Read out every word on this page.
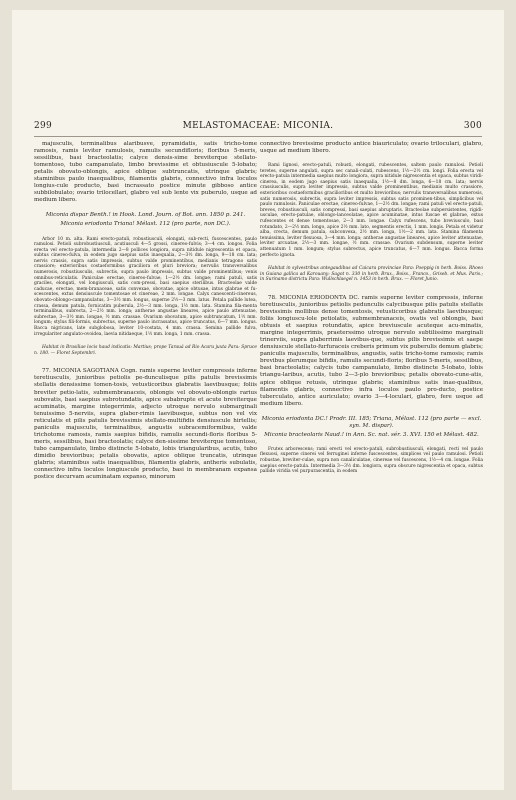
299	MELASTOMACEAE: MICONIA.	300

majusculis, terminalibus alaribusve, pyramidatis, satis tricho-tome ramosis, ramis leviter ramulosis, ramulis secundifloris; floribus 5-meris, sessilibus, basi bracteolatis; calyce densis-sime breviterque stellato-tomentoso, tubo campanulato, limbo brevissime et obtusiuscule 5-lobato; petalis obovato-oblongis, apice oblique subtruncatis, utrinque glabris; staminibus paulo inaequalibus, filamentis glabris, connectivo infra loculos longius-cule producto, basi incrassato postice minute gibboso antice subbilobulato; ovario trilocellari, glabro vel sub lente vix puberulo, usque ad medium libero.

Miconia dispar Benth.! in Hook. Lond. Journ. of Bot. ann. 1850 p. 241.

Miconia eriodonta Triana! Mélast. 112 (pro parte, non DC.).

Arbor 10 m. alta. Rami erecto-patuli, robustiusculi, elongati, sub-recti, fuscescentes, paulo ramulosi. Petioli subrobustiusculi, acutiusculi 4—5 grossi, cinereo-fulvis; 3—4 cm. longos. Folia erecta vel erecto-patula, intermedia 2—8 pollices longiora, supra nitidule nigrescentia et opaca, subtus cinereo-fulva, in eodem jugo saepius satis inaequalia, 2—3½ dm. longa, 9—18 cm. lata; nervis crassis, supra satis impressis, subtus valde prominentibus, medianis tetragono satis crassiore; exterioribus costaeformibus graciliora et pluri breviora; nervulis transversalibus numerosis, robustiusculis, subrectis, supra paulo impressis, subtus valde prominentibus; venis omnibus-reticulatis. Paniculae erectae, cinereo-fulvae, 1—2½ dm. longae; rami patuli, satis graciles, elongati, vel longiusculi, satis com-pressi, basi saepius sterilibus. Bracteolae valde caducae, erectae, mem-branaceae, satis convexae, obovatae, apice obtusae, intus glabrae et fu-scescentes, extus densiuscule tomentosae et cinereae, 2 mm. longae. Calyx canescenti-cinereus, obovato-oblongo-campanulatus, 3—3½ mm. longus, superne 2½—3 mm. latus. Petala pallide lutea, crassa, demum patula, fornicatim puberula, 2½—3 mm. longa, 1½ mm. lata. Stamina fila-menta terminalibus, subrecta, 2—2½ mm. longa; antherae angustae lineares, apice paulo attenuatae, subrectae, 3—3½ mm. longae, ½ mm. crassae. Ovarium obovatum, apice subtruncatum, 1½ mm. longum; stylus fili-formis, subrectus, superne paulo incrassatus, apice truncatus, 6—7 mm. longus. Bacca nigricans, late subglobosa, leviter 10-costata, 4 mm. crassa. Semina pallide fulva, irregulariter angulato-ovoidea, laevia nitidaeque, 1½ mm. longa, 1 mm. crassa.

Habitat in Brasiliae locis haud indicatis: Martius; prope Tarauá ad Rio Acaru juxta Para: Spruce n. 180. — Floret Septembri.

77. MICONIA SAGOTIANA Cogn. ramis superne leviter compressis inferne teretiusculis, junioribus petiolis pe-dunculisque pilis patulis brevissimis stellatis densissime tomen-tosis, vetusticoribus glabratis laevibusque; foliis breviter petio-latis, submembranaceis, oblongis vel obovato-oblongis rarius subovatis, basi saepius subrotundatis, apice subabrupte et acute breviterque acuminatis, margine integerrimis, adjecto utroque nervulo submarginali tenuissimo 5-nerviis, supra glaber-rimis laevibusque, subtus non vel vix reticulatis et pilis patulis brevissimis stellato-multifidis densiuscule hirtellis; paniculis majusculis, terminalibus, angustis subracemiformibus, valde trichotome ramosis, ramis saepius bifidis, ramulis secundi-floris floribus 5-meris, sessilibus, basi bracteolatis; calyce den-sissime breviterque tomentoso, tubo campanulato, limbo distincte 5-lobato, lobis triangularibus, acutis, tubo dimidio brevioribus; petalis obovatis, apice oblique truncatis, utrinque glabris; staminibus satis inaequalibus, filamentis glabris, antheris subulatis, connectivo infra loculos longiuscule producto, basi in membranam expansa postice decurvam acuminatam expanso, minorum

connectivo brevissime producto antice biauriculato; ovario triloculari, glabro, usque ad medium libero.

Rami lignosi, erecto-patuli, robusti, elongati, rubescentes, saltem paulo ramulosi. Petioli teretes, superne angulati, supra sec canali-culati, rubescens, 1½—2½ cm. longi. Folia erecta vel erecto-patula intermedia saepius multo longiora, supra nitidule nigrescentia et opaca, subtus viridi-cinerea, in eodem jugo saepius satis inaequalia, 1½—8 dm. longa, 6—18 cm. lata; nervis crassiusculis, supra leviter impressis, subtus valde prominentibus, medianis multo crassiore, exterioribus costaeformibus gracilioribus et multo brevioribus; nervulis transversalibus numerosis, satis numerosis, subrectis, supra leviter impressis, subtus satis prominen-tibus, simplicibus vel paulo ramulosis. Paniculae erectae, cinereo-fulvae, 1—2½ dm. longae; rami patuli vel erecto-patuli, breves, robustiusculi, satis compressi, basi saepius abruptaris. Bracteolae subpersistentes, rigidi-usculae, erecto-patulae, oblongo-lanceolatae, apice acuminatae, intus fuscae et glabrae, extus rufescentes et dense tomentosae, 2—3 mm. longae. Calyx rufescens, tubo breviusculo, basi rotundato, 2—2½ mm. longo, apice 2½ mm. lato, segmentis erectis, 1 mm. longis. Petala et videtur alba, crecta, demum patula, subconvexa, 2½ mm. longa, 1½—2 mm. lata. Stamina filamenta tenuissima, leviter flexuosa, 3—4 mm. longa; antherae angustae lineares, apice leviter attenuatae, leviter arcuatae, 2½—3 mm. longae, ½ mm. crassae. Ovarium subdensum, superne leviter attenuatum 1 mm. longum; stylus subrectus, apice truncatus, 6—7 mm. longus. Bacca forma perfecto ignota.

Habitat in sylvestribus antegaudibus ad Caicara provinciae Para: Poeppig in herb. Boiss. Rhoeo in Guiana gallica ad Karouany: Sagot n. 330 in herb. Brux., Boiss., Franco., Griseb. et Mus. Paris.; in Surinamo districtu Para: Wullschlaegel n. 1453 in herb. Brux. — Floret Junio.

78. MICONIA ERIODONTA DC. ramis superne leviter compressis, inferne teretiusculis, junioribus petiolis pedunculis calycibusque pilis patulis stellatis brevissimis mollibus dense tomentosis, vetusticoribus glabratis laevibusque; foliis longiuscu-lole petiolatis, submembranaceis, ovatis vel oblongis, basi obtusis et saepius rotundatis, apice breviuscule acuteque acu-minatis, margine integerrimis, praeterssimo utroque nervulo subtilissimo marginali trinerviis, supra glaberrimis laevibus-que, subtus pilis brevissimis et saepe densiuscule stellato-furfuraceis creberis primum vix puberulis demum glabris; paniculis majusculis, terminalibus, angustis, satis tricho-tome ramosis; ramis brevibus plerumque bifidis, ramulis secundi-floris; floribus 5-meris, sessilibus, basi bracteolatis; calycis tubo campanulato, limbo distincte 5-lobato, lobis triangu-laribus, acutis, tubo 2—3-plo brevioribus; petalis obovato-cune-atis, apice oblique retusis, utrinque glabris; staminibus satis inae-qualibus, filamentis glabris, connectivo infra loculos paulo pro-ducto, postice tuberculato, antice auriculato; ovario 3—4-loculari, glabro, fere usque ad medium libero.

Miconia eriodonta DC.! Prodr. III. 185; Triana, Mélast. 112 (pro parte — excl. syn. M. dispar).

Miconia bracteolaris Naud.! in Ann. Sc. nat. sér. 3. XVI. 150 et Mélast. 482.

Frutex arborescens; rami erecti vel erecto-patuli, subrobustiusculi, elongati, recti vel paulo flexuosi, superne cinerei vel ferruginei inferne fuscescentes, simplices vel paulo ramulosi. Petioli robustae, breviter-culae, supra non canaliculatae, cinereae vel fuscescens, 1½—4 cm. longae. Folia saepius erecto-patula. Intermedia 3—3½ dm. longiora, supra obscure nigrescentia et opaca, subtus pallide viridia vel purpurascentia, in eodem
